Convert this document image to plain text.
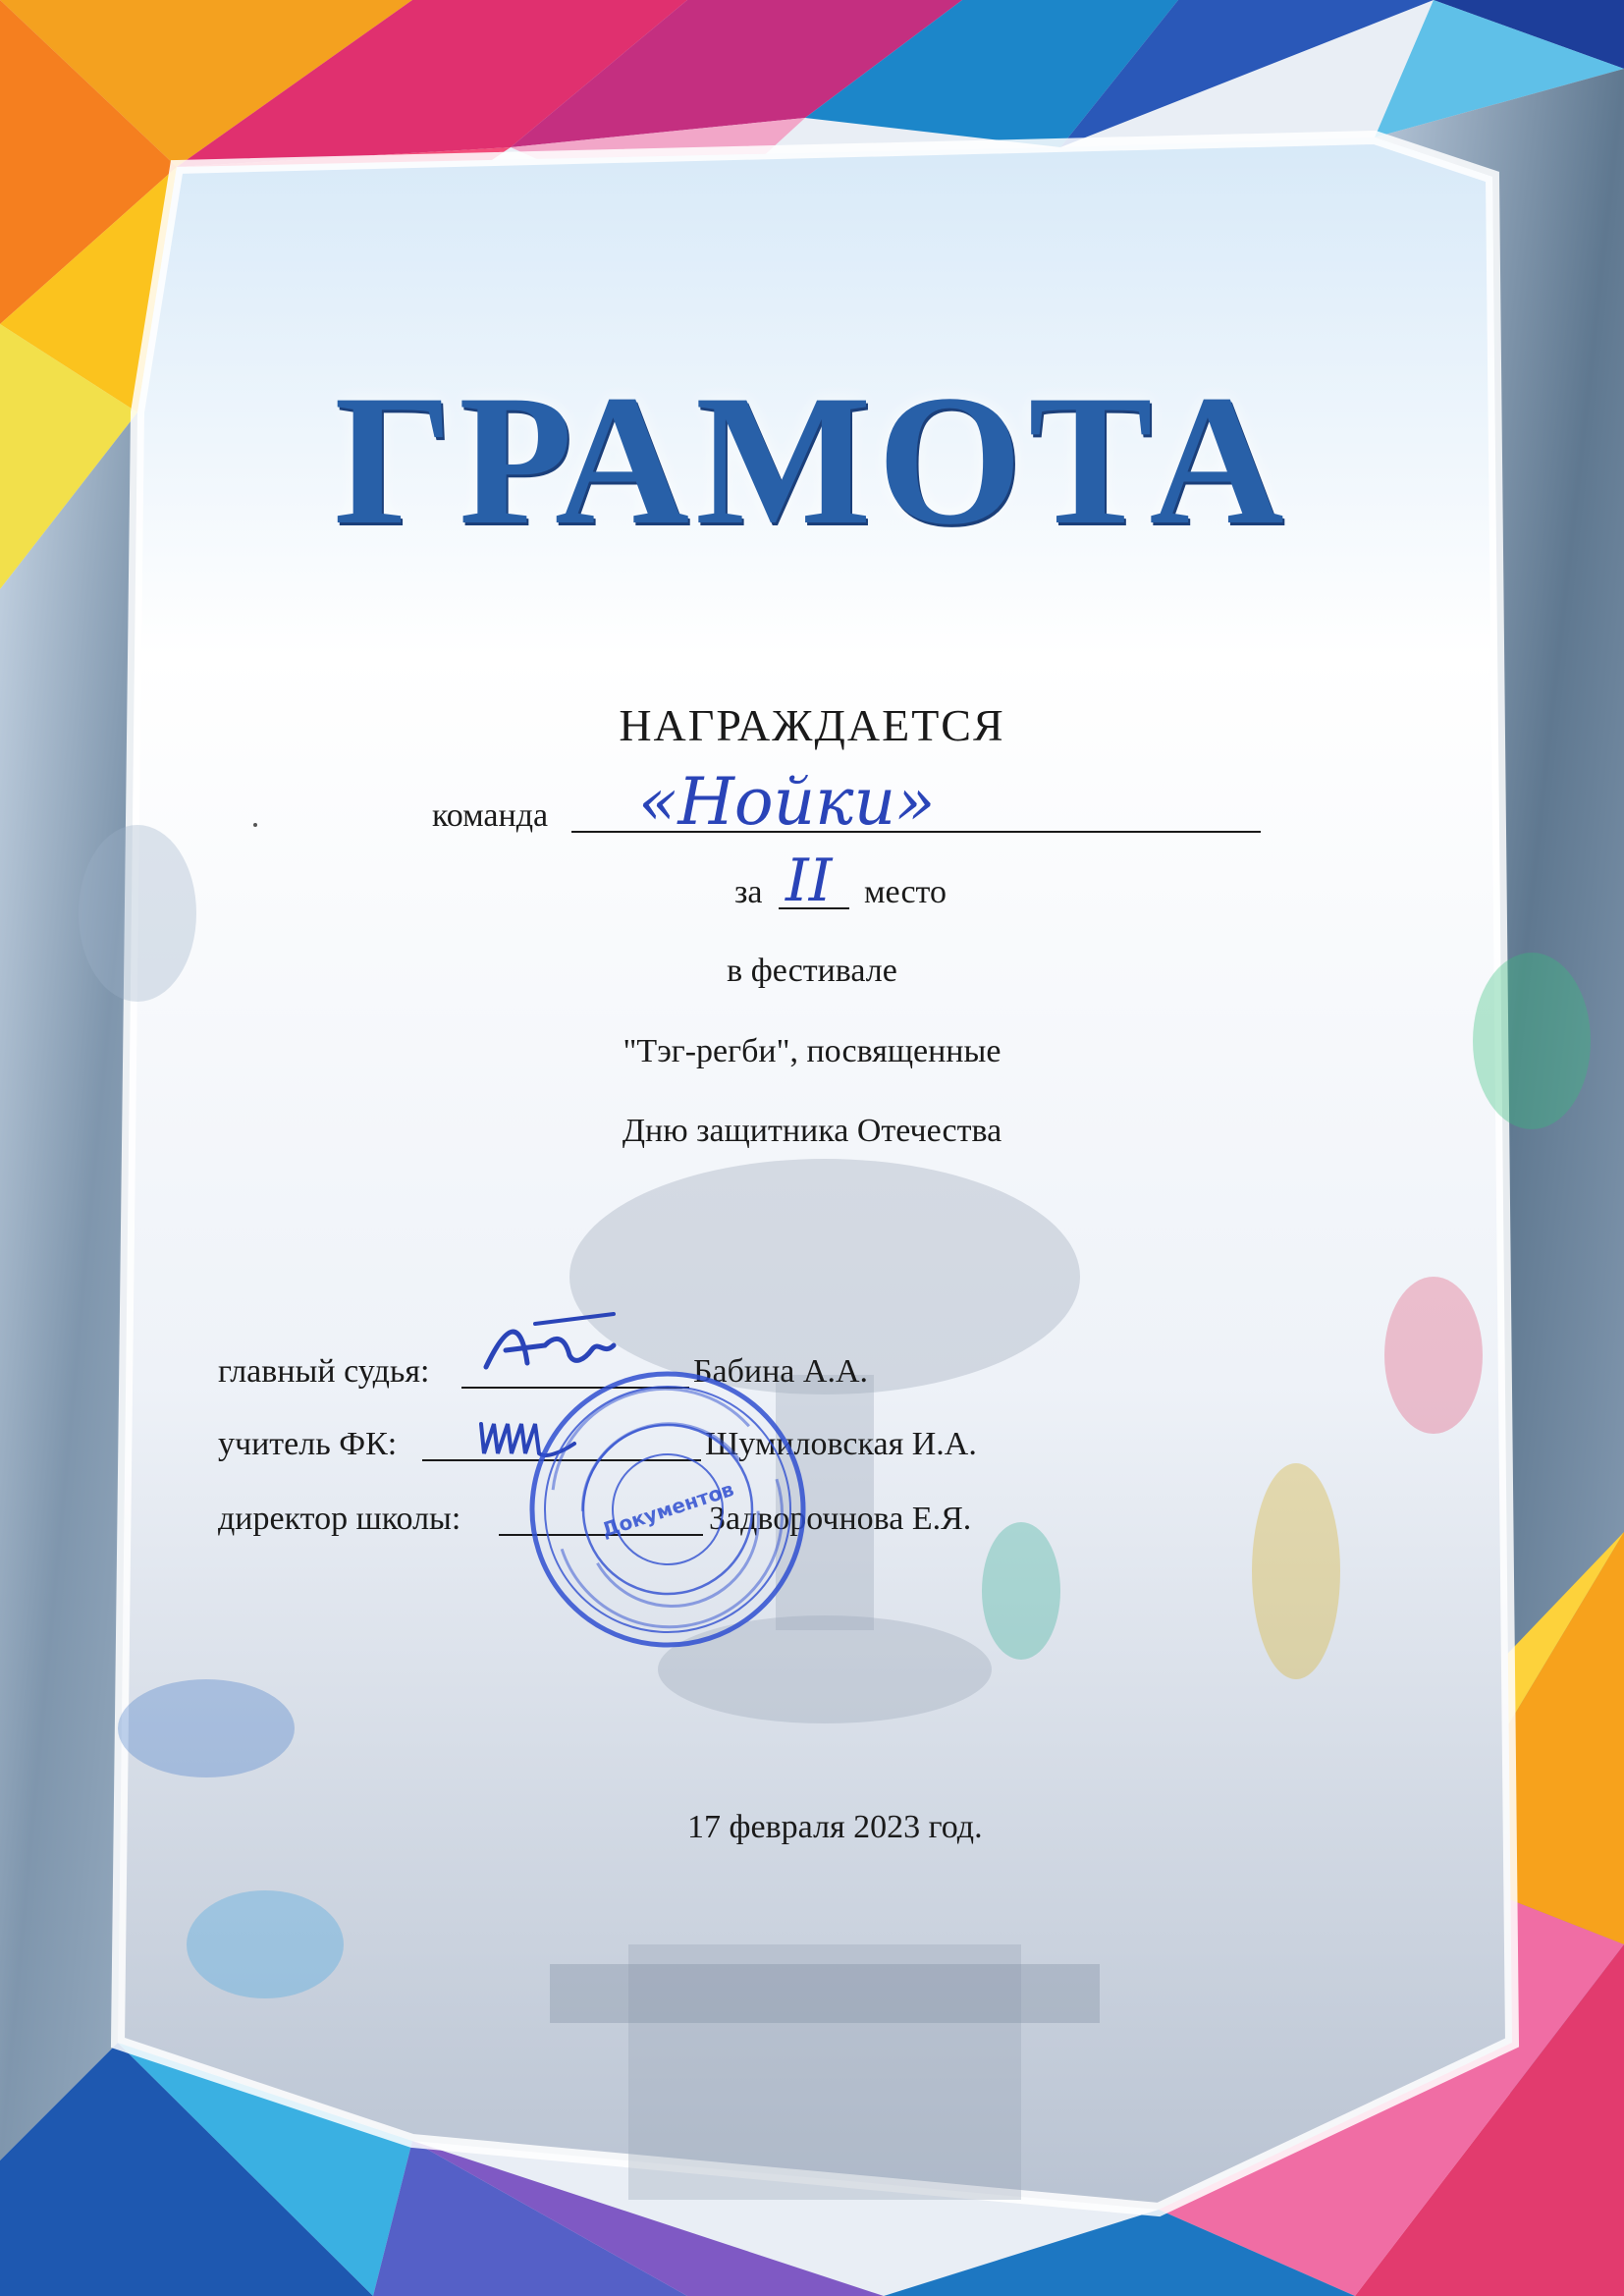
ГРАМОТА
НАГРАЖДАЕТСЯ
команда «Нойки»
за II место
в фестивале
"Тэг-регби", посвященные
Дню защитника Отечества
главный судья:	Бабина А.А.
учитель ФК:	Шумиловская И.А.
директор школы:	Задворочнова Е.Я.
Документов
17 февраля 2023 год.
